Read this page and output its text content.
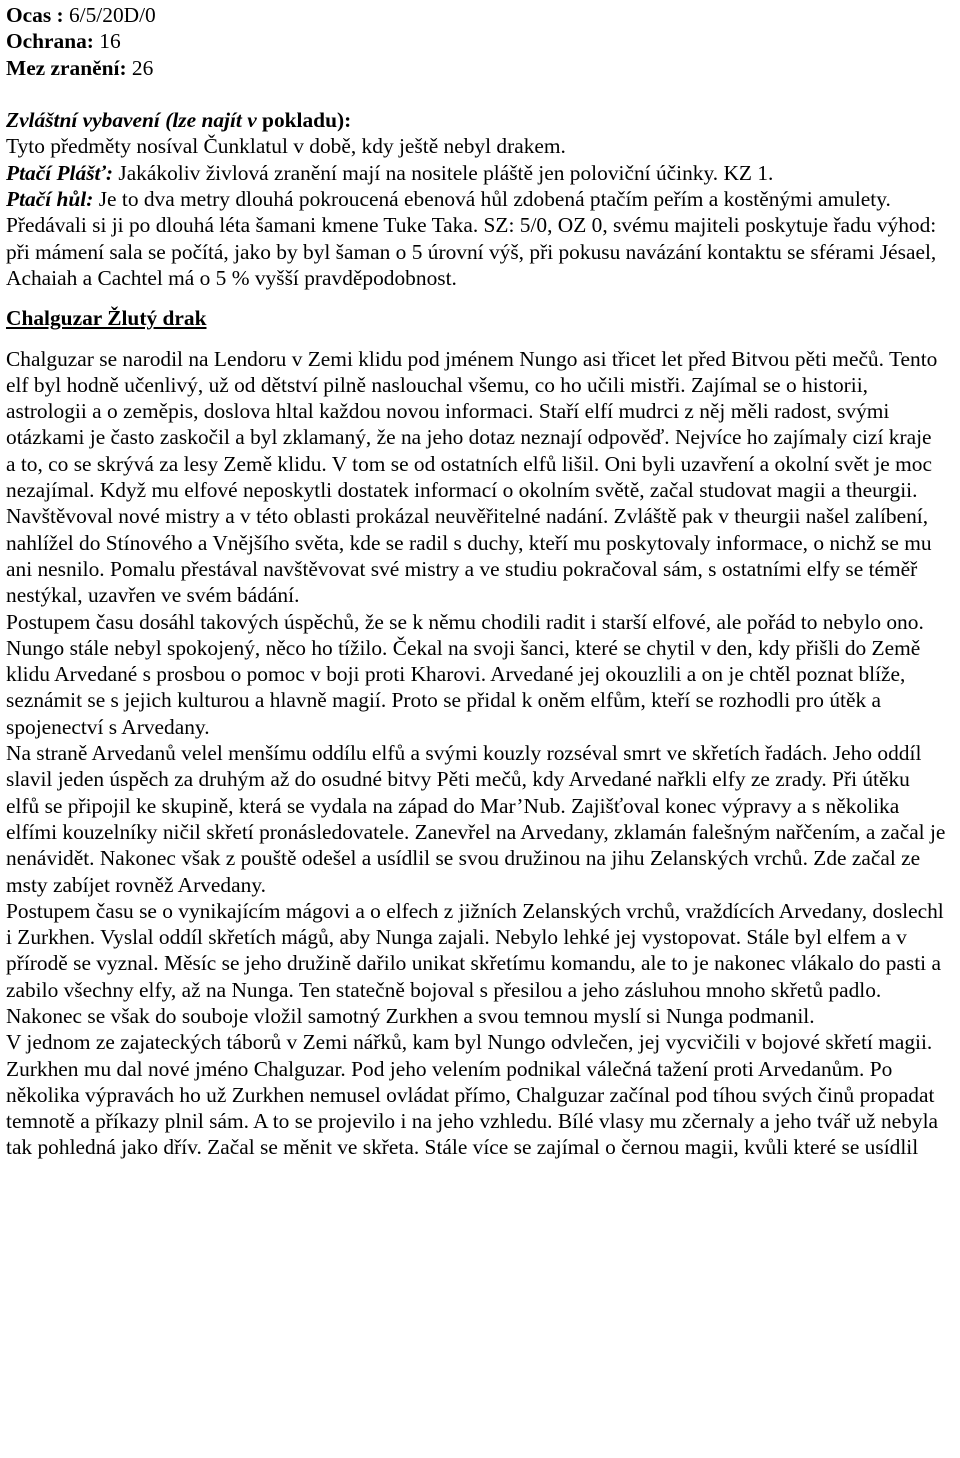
Ocas : 6/5/20D/0
Ochrana: 16
Mez zranění: 26

Zvláštní vybavení (lze najít v pokladu):

Tyto předměty nosíval Čunklatul v době, kdy ještě nebyl drakem.

Ptačí Plášť: Jakákoliv živlová zranění mají na nositele pláště jen poloviční účinky. KZ 1.

Ptačí hůl: Je to dva metry dlouhá pokroucená ebenová hůl zdobená ptačím peřím a kostěnými amulety. Předávali si ji po dlouhá léta šamani kmene Tuke Taka. SZ: 5/0, OZ 0, svému majiteli poskytuje řadu výhod: při mámení sala se počítá, jako by byl šaman o 5 úrovní výš, při pokusu navázání kontaktu se sférami Jésael, Achaiah a Cachtel má o 5 % vyšší pravděpodobnost.

Chalguzar Žlutý drak

Chalguzar se narodil na Lendoru v Zemi klidu pod jménem Nungo asi třicet let před Bitvou pěti mečů. Tento elf byl hodně učenlivý, už od dětství pilně naslouchal všemu, co ho učili mistři. Zajímal se o historii, astrologii a o zeměpis, doslova hltal každou novou informaci. Staří elfí mudrci z něj měli radost, svými otázkami je často zaskočil a byl zklamaný, že na jeho dotaz neznají odpověď. Nejvíce ho zajímaly cizí kraje a to, co se skrývá za lesy Země klidu. V tom se od ostatních elfů lišil. Oni byli uzavření a okolní svět je moc nezajímal. Když mu elfové neposkytli dostatek informací o okolním světě, začal studovat magii a theurgii. Navštěvoval nové mistry a v této oblasti prokázal neuvěřitelné nadání. Zvláště pak v theurgii našel zalíbení, nahlížel do Stínového a Vnějšího světa, kde se radil s duchy, kteří mu poskytovaly informace, o nichž se mu ani nesnilo. Pomalu přestával navštěvovat své mistry a ve studiu pokračoval sám, s ostatními elfy se téměř nestýkal, uzavřen ve svém bádání.

Postupem času dosáhl takových úspěchů, že se k němu chodili radit i starší elfové, ale pořád to nebylo ono. Nungo stále nebyl spokojený, něco ho tížilo. Čekal na svoji šanci, které se chytil v den, kdy přišli do Země klidu Arvedané s prosbou o pomoc v boji proti Kharovi. Arvedané jej okouzlili a on je chtěl poznat blíže, seznámit se s jejich kulturou a hlavně magií. Proto se přidal k oněm elfům, kteří se rozhodli pro útěk a spojenectví s Arvedany.

Na straně Arvedanů velel menšímu oddílu elfů a svými kouzly rozséval smrt ve skřetích řadách. Jeho oddíl slavil jeden úspěch za druhým až do osudné bitvy Pěti mečů, kdy Arvedané nařkli elfy ze zrady. Při útěku elfů se připojil ke skupině, která se vydala na západ do Mar’Nub. Zajišťoval konec výpravy a s několika elfími kouzelníky ničil skřetí pronásledovatele. Zanevřel na Arvedany, zklamán falešným nařčením, a začal je nenávidět. Nakonec však z pouště odešel a usídlil se svou družinou na jihu Zelanských vrchů. Zde začal ze msty zabíjet rovněž Arvedany.

Postupem času se o vynikajícím mágovi a o elfech z jižních Zelanských vrchů, vraždících Arvedany, doslechl i Zurkhen. Vyslal oddíl skřetích mágů, aby Nunga zajali. Nebylo lehké jej vystopovat. Stále byl elfem a v přírodě se vyznal. Měsíc se jeho družině dařilo unikat skřetímu komandu, ale to je nakonec vlákalo do pasti a zabilo všechny elfy, až na Nunga. Ten statečně bojoval s přesilou a jeho zásluhou mnoho skřetů padlo. Nakonec se však do souboje vložil samotný Zurkhen a svou temnou myslí si Nunga podmanil.

V jednom ze zajateckých táborů v Zemi nářků, kam byl Nungo odvlečen, jej vycvičili v bojové skřetí magii. Zurkhen mu dal nové jméno Chalguzar. Pod jeho velením podnikal válečná tažení proti Arvedanům. Po několika výpravách ho už Zurkhen nemusel ovládat přímo, Chalguzar začínal pod tíhou svých činů propadat temnotě a příkazy plnil sám. A to se projevilo i na jeho vzhledu. Bílé vlasy mu zčernaly a jeho tvář už nebyla tak pohledná jako dřív. Začal se měnit ve skřeta. Stále více se zajímal o černou magii, kvůli které se usídlil
